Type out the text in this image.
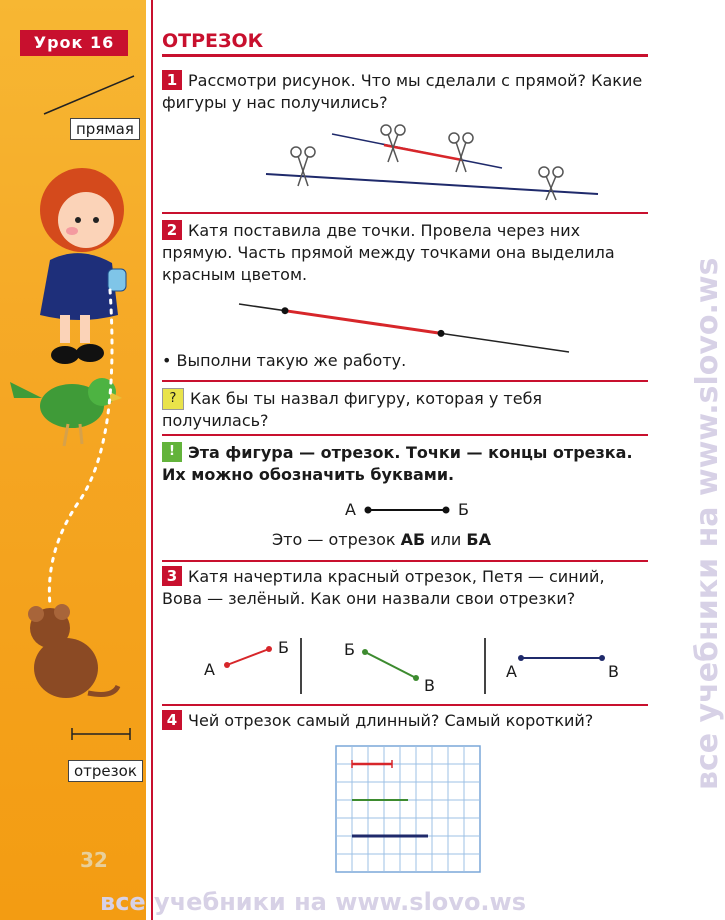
Урок 16
прямая
отрезок
32
ОТРЕЗОК
1 Рассмотри рисунок. Что мы сделали с прямой? Какие фигуры у нас получились?
2 Катя поставила две точки. Провела через них прямую. Часть прямой между точками она выделила красным цветом.
• Выполни такую же работу.
? Как бы ты назвал фигуру, которая у тебя получилась?
! Эта фигура — отрезок. Точки — концы отрезка. Их можно обозначить буквами.
А	Б
Это — отрезок АБ или БА
3 Катя начертила красный отрезок, Петя — синий, Вова — зелёный. Как они назвали свои отрезки?
А
Б	Б
В
А	В
4 Чей отрезок самый длинный? Самый короткий?	все учебники на www.slovo.ws
все учебники на www.slovo.ws
